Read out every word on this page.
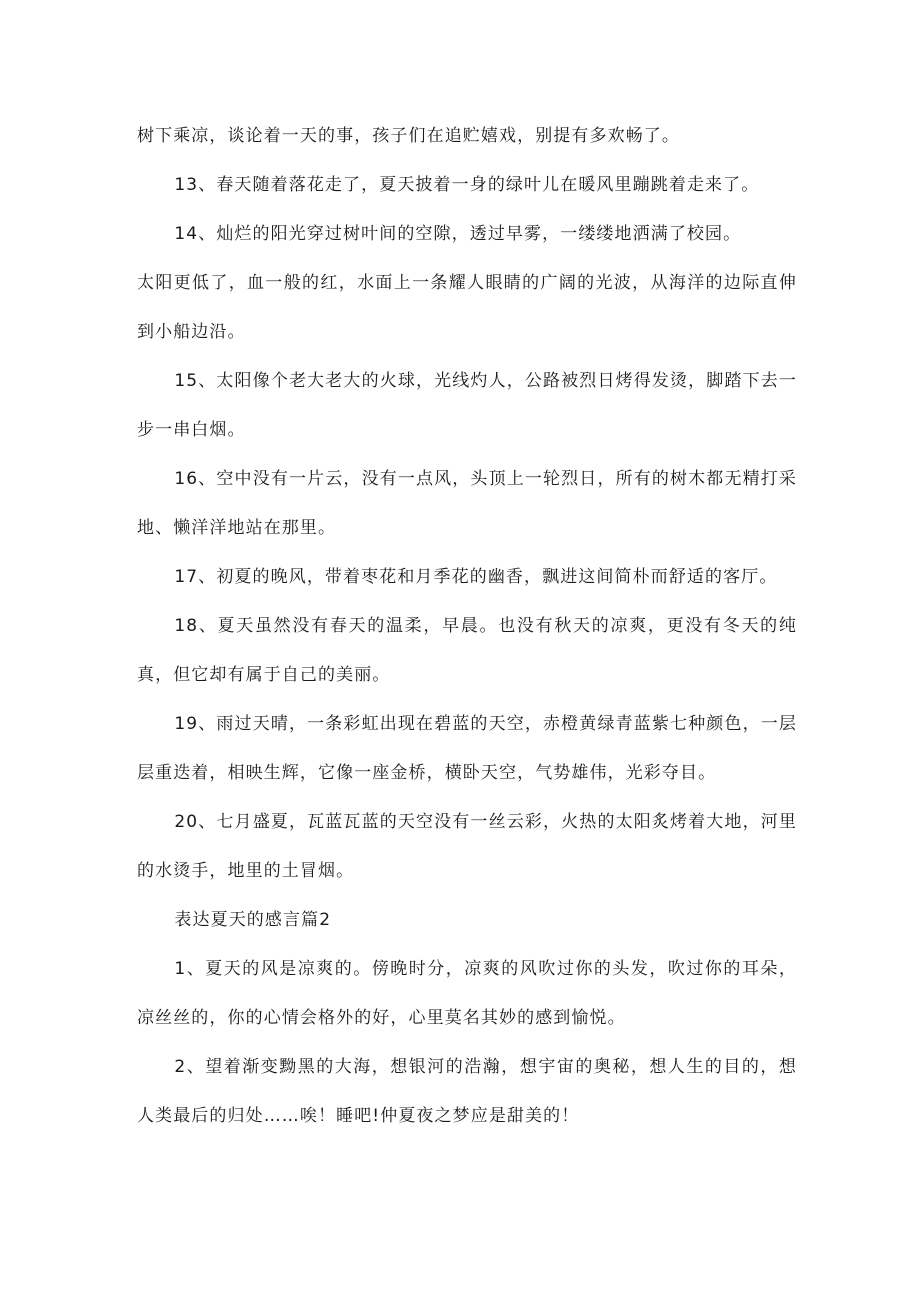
树下乘凉，谈论着一天的事，孩子们在追贮嬉戏，别提有多欢畅了。

13、春天随着落花走了，夏天披着一身的绿叶儿在暖风里蹦跳着走来了。

14、灿烂的阳光穿过树叶间的空隙，透过早雾，一缕缕地洒满了校园。

太阳更低了，血一般的红，水面上一条耀人眼睛的广阔的光波，从海洋的边际直伸到小船边沿。

15、太阳像个老大老大的火球，光线灼人，公路被烈日烤得发烫，脚踏下去一步一串白烟。

16、空中没有一片云，没有一点风，头顶上一轮烈日，所有的树木都无精打采地、懒洋洋地站在那里。

17、初夏的晚风，带着枣花和月季花的幽香，飘进这间简朴而舒适的客厅。

18、夏天虽然没有春天的温柔，早晨。也没有秋天的凉爽，更没有冬天的纯真，但它却有属于自己的美丽。

19、雨过天晴，一条彩虹出现在碧蓝的天空，赤橙黄绿青蓝紫七种颜色，一层层重迭着，相映生辉，它像一座金桥，横卧天空，气势雄伟，光彩夺目。

20、七月盛夏，瓦蓝瓦蓝的天空没有一丝云彩，火热的太阳炙烤着大地，河里的水烫手，地里的土冒烟。

表达夏天的感言篇2

1、夏天的风是凉爽的。傍晚时分，凉爽的风吹过你的头发，吹过你的耳朵，凉丝丝的，你的心情会格外的好，心里莫名其妙的感到愉悦。

2、望着渐变黝黑的大海，想银河的浩瀚，想宇宙的奥秘，想人生的目的，想人类最后的归处……唉！睡吧!仲夏夜之梦应是甜美的！
